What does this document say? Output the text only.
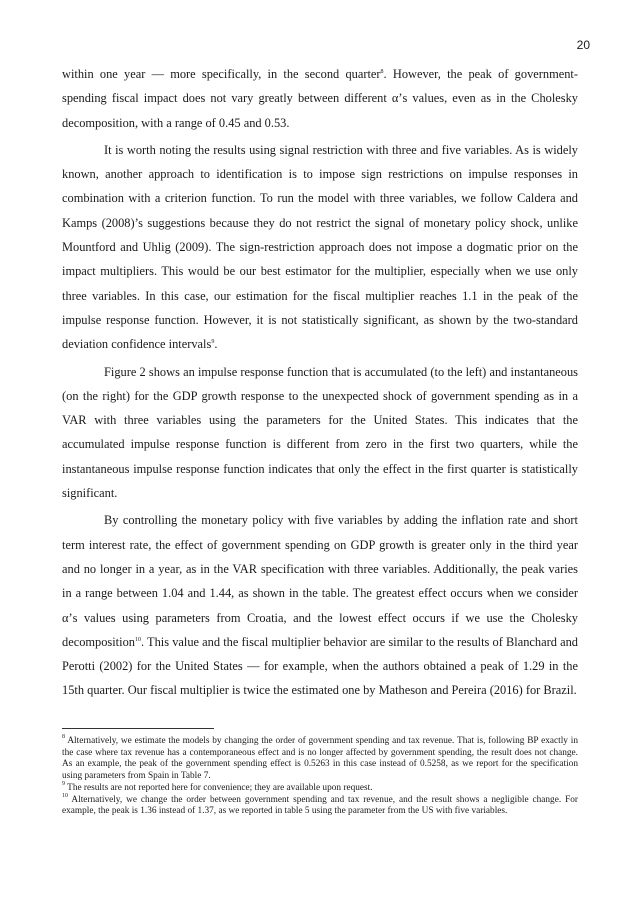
20

within one year — more specifically, in the second quarter$^8$. However, the peak of government-spending fiscal impact does not vary greatly between different α’s values, even as in the Cholesky decomposition, with a range of 0.45 and 0.53.

It is worth noting the results using signal restriction with three and five variables. As is widely known, another approach to identification is to impose sign restrictions on impulse responses in combination with a criterion function. To run the model with three variables, we follow Caldera and Kamps (2008)’s suggestions because they do not restrict the signal of monetary policy shock, unlike Mountford and Uhlig (2009). The sign-restriction approach does not impose a dogmatic prior on the impact multipliers. This would be our best estimator for the multiplier, especially when we use only three variables. In this case, our estimation for the fiscal multiplier reaches 1.1 in the peak of the impulse response function. However, it is not statistically significant, as shown by the two-standard deviation confidence intervals$^9$.

Figure 2 shows an impulse response function that is accumulated (to the left) and instantaneous (on the right) for the GDP growth response to the unexpected shock of government spending as in a VAR with three variables using the parameters for the United States. This indicates that the accumulated impulse response function is different from zero in the first two quarters, while the instantaneous impulse response function indicates that only the effect in the first quarter is statistically significant.

By controlling the monetary policy with five variables by adding the inflation rate and short term interest rate, the effect of government spending on GDP growth is greater only in the third year and no longer in a year, as in the VAR specification with three variables. Additionally, the peak varies in a range between 1.04 and 1.44, as shown in the table. The greatest effect occurs when we consider α’s values using parameters from Croatia, and the lowest effect occurs if we use the Cholesky decomposition$^{10}$. This value and the fiscal multiplier behavior are similar to the results of Blanchard and Perotti (2002) for the United States — for example, when the authors obtained a peak of 1.29 in the 15th quarter. Our fiscal multiplier is twice the estimated one by Matheson and Pereira (2016) for Brazil.

$^8$ Alternatively, we estimate the models by changing the order of government spending and tax revenue. That is, following BP exactly in the case where tax revenue has a contemporaneous effect and is no longer affected by government spending, the result does not change. As an example, the peak of the government spending effect is 0.5263 in this case instead of 0.5258, as we report for the specification using parameters from Spain in Table 7.

$^9$ The results are not reported here for convenience; they are available upon request.

$^{10}$ Alternatively, we change the order between government spending and tax revenue, and the result shows a negligible change. For example, the peak is 1.36 instead of 1.37, as we reported in table 5 using the parameter from the US with five variables.
